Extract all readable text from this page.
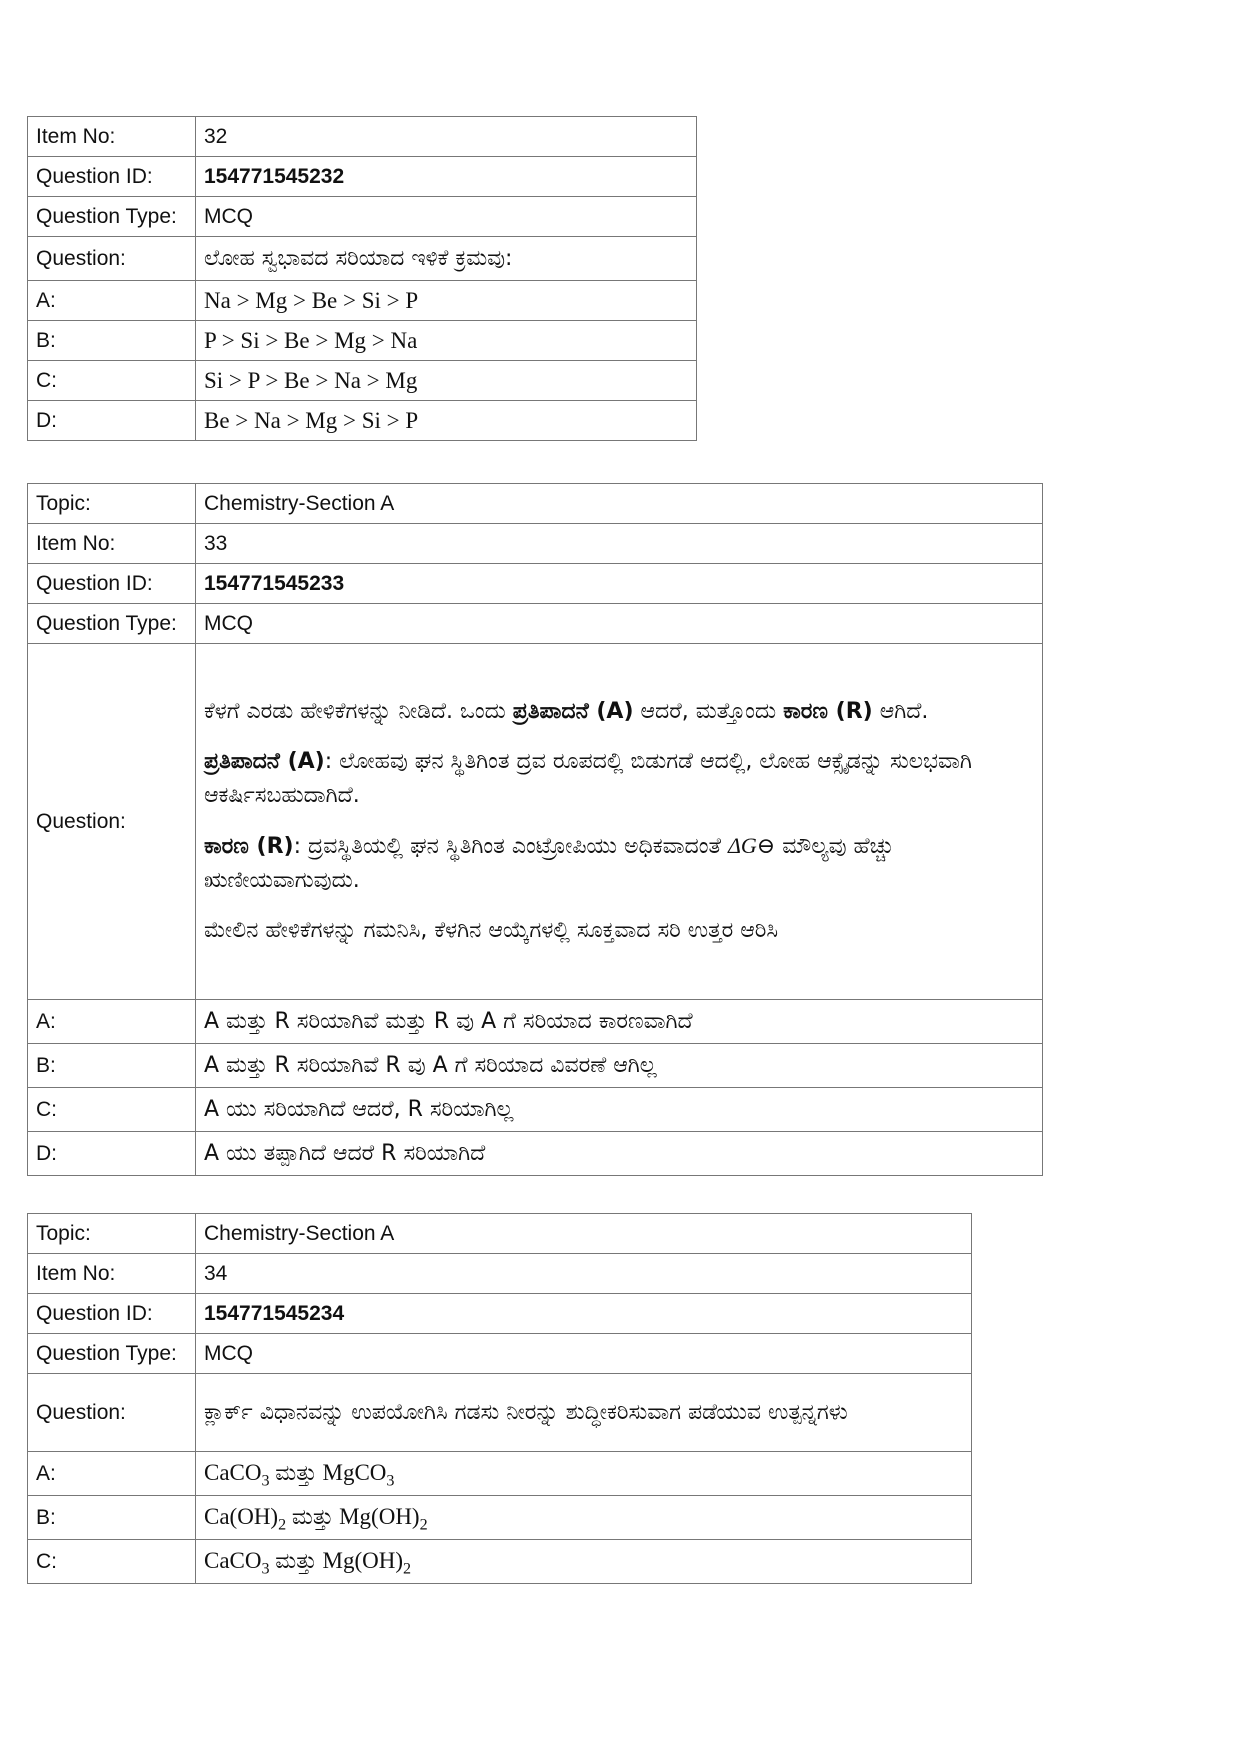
Item No:	32
Question ID:	154771545232
Question Type:	MCQ
Question:	ಲೋಹ ಸ್ವಭಾವದ ಸರಿಯಾದ ಇಳಿಕೆ ಕ್ರಮವು:
A:	Na > Mg > Be > Si > P
B:	P > Si > Be > Mg > Na
C:	Si > P > Be > Na > Mg
D:	Be > Na > Mg > Si > P
Topic:	Chemistry-Section A
Item No:	33
Question ID:	154771545233
Question Type:	MCQ
Question:	ಕೆಳಗೆ ಎರಡು ಹೇಳಿಕೆಗಳನ್ನು ನೀಡಿದೆ. ಒಂದು ಪ್ರತಿಪಾದನೆ (A) ಆದರೆ, ಮತ್ತೊಂದು ಕಾರಣ (R) ಆಗಿದೆ.

ಪ್ರತಿಪಾದನೆ (A): ಲೋಹವು ಘನ ಸ್ಥಿತಿಗಿಂತ ದ್ರವ ರೂಪದಲ್ಲಿ ಬಿಡುಗಡೆ ಆದಲ್ಲಿ, ಲೋಹ ಆಕ್ಸೈಡನ್ನು ಸುಲಭವಾಗಿ ಆಕರ್ಷಿಸಬಹುದಾಗಿದೆ.

ಕಾರಣ (R): ದ್ರವಸ್ಥಿತಿಯಲ್ಲಿ ಘನ ಸ್ಥಿತಿಗಿಂತ ಎಂಟ್ರೋಪಿಯು ಅಧಿಕವಾದಂತೆ ΔG⊖ ಮೌಲ್ಯವು ಹೆಚ್ಚು ಋಣೀಯವಾಗುವುದು.

ಮೇಲಿನ ಹೇಳಿಕೆಗಳನ್ನು ಗಮನಿಸಿ, ಕೆಳಗಿನ ಆಯ್ಕೆಗಳಲ್ಲಿ ಸೂಕ್ತವಾದ ಸರಿ ಉತ್ತರ ಆರಿಸಿ

A:	A ಮತ್ತು R ಸರಿಯಾಗಿವೆ ಮತ್ತು R ವು A ಗೆ ಸರಿಯಾದ ಕಾರಣವಾಗಿದೆ
B:	A ಮತ್ತು R ಸರಿಯಾಗಿವೆ R ವು A ಗೆ ಸರಿಯಾದ ವಿವರಣೆ ಆಗಿಲ್ಲ
C:	A ಯು ಸರಿಯಾಗಿದೆ ಆದರೆ, R ಸರಿಯಾಗಿಲ್ಲ
D:	A ಯು ತಪ್ಪಾಗಿದೆ ಆದರೆ R ಸರಿಯಾಗಿದೆ
Topic:	Chemistry-Section A
Item No:	34
Question ID:	154771545234
Question Type:	MCQ
Question:	ಕ್ಲಾರ್ಕ್ ವಿಧಾನವನ್ನು ಉಪಯೋಗಿಸಿ ಗಡಸು ನೀರನ್ನು ಶುದ್ಧೀಕರಿಸುವಾಗ ಪಡೆಯುವ ಉತ್ಪನ್ನಗಳು
A:	CaCO$_3$ ಮತ್ತು MgCO$_3$
B:	$Ca(OH)_2$ ಮತ್ತು $Mg(OH)_2$
C:	CaCO$_3$ ಮತ್ತು $Mg(OH)_2$
